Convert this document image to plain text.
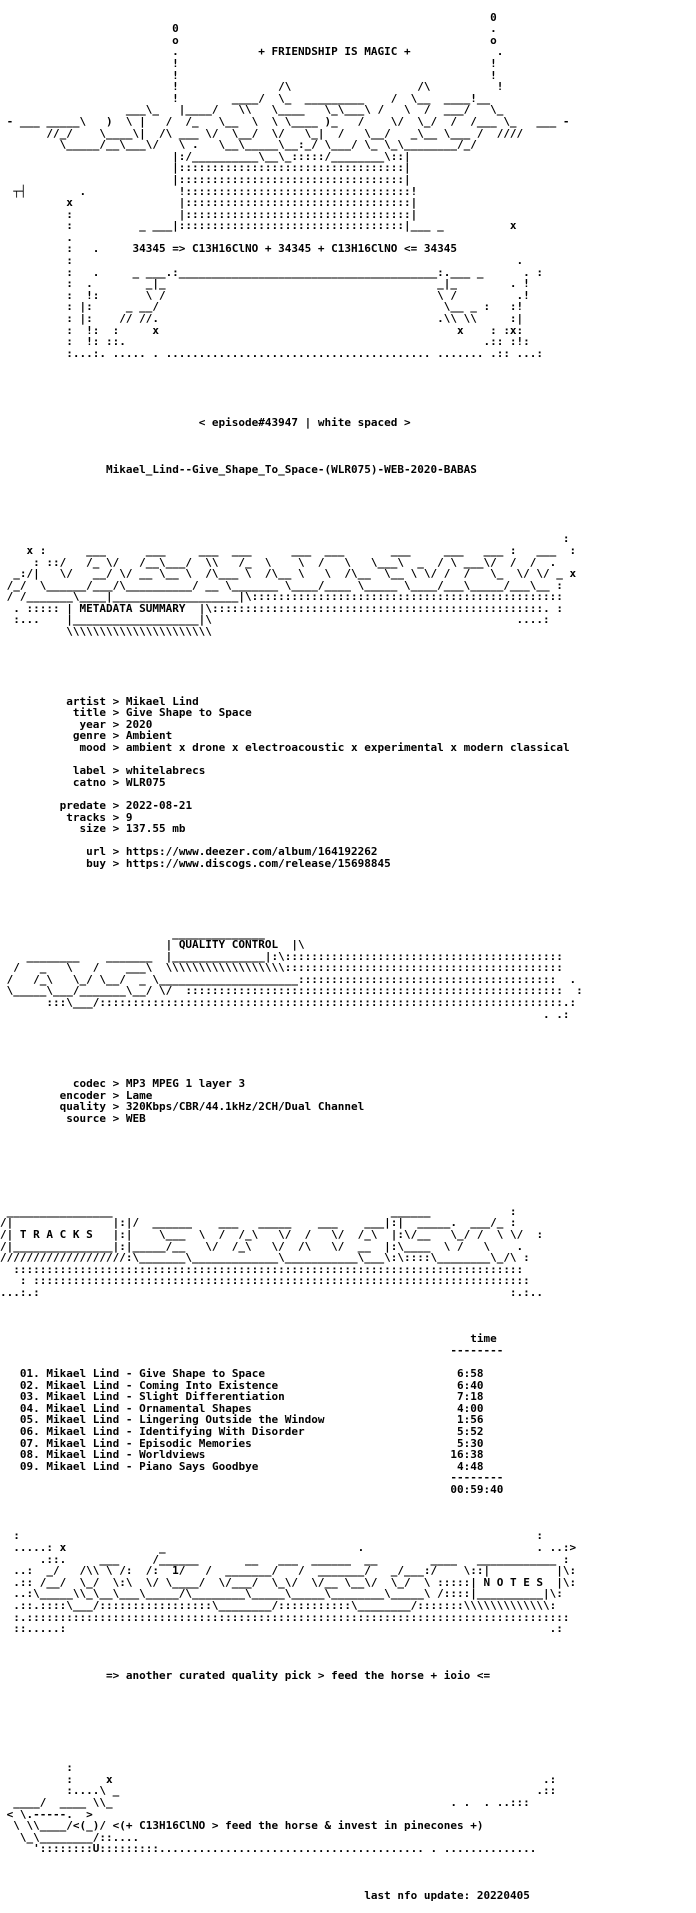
0
0                                               .
o                                               o
.	+ FRIENDSHIP IS MAGIC +	.
!                                               !
!                                               !
!               /\                   /\          !
!        ____/  \_  _________    /  \__  ____!__
___\_   |____/   \\   \____   \_\___\ /   \  /  ___/   \_
- ___ _____\   )  \ |   /  /_   \__  \  \ \____ )_   /    \/  \_/  /  /___ \_   ___ -
//_/    \____\|  /\ ___ \/  \__/  \/   \_|  /   \__/   _\__ \___ /  ////
\_____/__\___\/   \ .   \__\_____\__:_/ \___/ \_ \_\________/_/
|:/__________\__\_:::::/________\::|
|::::::::::::::::::::::::::::::::::|
|::::::::::::::::::::::::::::::::::|
┬┤        .              !::::::::::::::::::::::::::::::::::!
x                |::::::::::::::::::::::::::::::::::|
:                |::::::::::::::::::::::::::::::::::|
:          _ ___|::::::::::::::::::::::::::::::::::|___ _          x
.
:   .	34345 => C13H16ClNO + 34345 + C13H16ClNO <= 34345
:                                                                   .
:   .     _ ___.:_______________________________________:.___ _      . :
:  .        _|_                                         _|_        . !
:  !:       \ /                                         \ /         .!
: |:     _ __/                                           \__ _ :   :!
: |:    // //.                                          .\\ \\     :|
:  !:  :     x                                             x    : :x:
:  !: ::.                                                      .:: :!:
:...:. ..... . ........................................ ....... .:: ...:

< episode#43947 | white spaced >

Mikael_Lind--Give_Shape_To_Space-(WLR075)-WEB-2020-BABAS

:
x :      ___      ___     ___  ___      ___  ___       ___     ___   ___ :   ___  :
: ::/   /_ \/   /__\___/  \\   /_  \    \  /   \   \___\  _  / \ ___\/  /  /  .
_:/|   \/   __/ \/ __ \__ \  /\___ \  /\__ \   \  /\__  \__ \ \/ /  /   \_  \/ \/ _ x
/_/  \______/___/\__________/ __ \_______ \____/____ \_____ \____/___\_____/___\__ :
/ /_______\____|___________________|\:::::::::::::::::::::::::::::::::::::::::::::::
. ::::: | METADATA SUMMARY  |\::::::::::::::::::::::::::::::::::::::::::::::::::. :
:...    |___________________|\                                              ....:
\\\\\\\\\\\\\\\\\\\\\\

artist > Mikael Lind
title > Give Shape to Space
year > 2020
genre > Ambient
mood > ambient x drone x electroacoustic x experimental x modern classical

label > whitelabrecs
catno > WLR075

predate > 2022-08-21
tracks > 9
size > 137.55 mb

url > https://www.deezer.com/album/164192262
buy > https://www.discogs.com/release/15698845

______________
| QUALITY CONTROL  |\
________    _______  |______________|:\::::::::::::::::::::::::::::::::::::::::::
/   _   \   /    ___\  \\\\\\\\\\\\\\\\\\::::::::::::::::::::::::::::::::::::::::::
/   /_\   \_/ \__/  _ \_____________________:::::::::::::::::::::::::::::::::::::::  .
\_____\___/_______\__/ \/  :::::::::::::::::::::::::::::::::::::::::::::::::::::::::  :
:::\___/::::::::::::::::::::::::::::::::::::::::::::::::::::::::::::::::::::::.:
. .:

codec > MP3 MPEG 1 layer 3
encoder > Lame
quality > 320Kbps/CBR/44.1kHz/2CH/Dual Channel
source > WEB

________________                                          ______            :
/|               |:|/  ______    ___   _____    ___    ___|:|  _____.  ___/_ :
/| T R A C K S   |:|    \___  \  /  /_\   \/  /   \/  /_\  |:\/__   \_/ /  \ \/  :
/|_______________|:|_____/__   \/  /_\   \/  /\   \/  __  |:\____  \ /   \    .
///////////////////:\_______\_____________\___________\___\:\::::\________\_/\ :
:::::::::::::::::::::::::::::::::::::::::::::::::::::::::::::::::::::::::::::
: :::::::::::::::::::::::::::::::::::::::::::::::::::::::::::::::::::::::::::
...:.:                                                                       :.:..

time
--------

01. Mikael Lind - Give Shape to Space	6:58
02. Mikael Lind - Coming Into Existence	6:40
03. Mikael Lind - Slight Differentiation	7:18
04. Mikael Lind - Ornamental Shapes	4:00
05. Mikael Lind - Lingering Outside the Window	1:56
06. Mikael Lind - Identifying With Disorder	5:52
07. Mikael Lind - Episodic Memories	5:30
08. Mikael Lind - Worldviews	16:38
09. Mikael Lind - Piano Says Goodbye	4:48
--------
00:59:40

:                                                                              :
.....: x              _                             .                          . ..:>
.::.     ___     /______       __   ___  ______  __        ____   ____________ :
..:  _/   /\\ \ /:  /:  1/   /  _______/   /  _______/   _/___:/    \::|          |\:
.:: /__/  \_/  \:\  \/ \____/  \/___/  \_\/  \/__ \__\/  \_/  \ :::::| N O T E S  |\:
..:\_____\\_\__\___\_____/\________\_____\_____\________\_____\ /::::|__________|\:
.::.::::\___/:::::::::::::::::\________/:::::::::::\________/:::::::\\\\\\\\\\\\\:
:.::::::::::::::::::::::::::::::::::::::::::::::::::::::::::::::::::::::::::::::::::
::.....:                                                                         .:

=> another curated quality pick > feed the horse + ioio <=

:
:     x                                                                 .:
:....\ _                                                               .::
____/  ____ \\_                                                   . .  . ..:::
< \.-----.  >
\ \\____/<(_)/ <(+ C13H16ClNO > feed the horse & invest in pinecones +)
\_\________/::....
'::::::::U:::::::::........................................ . ..............

last nfo update: 20220405
